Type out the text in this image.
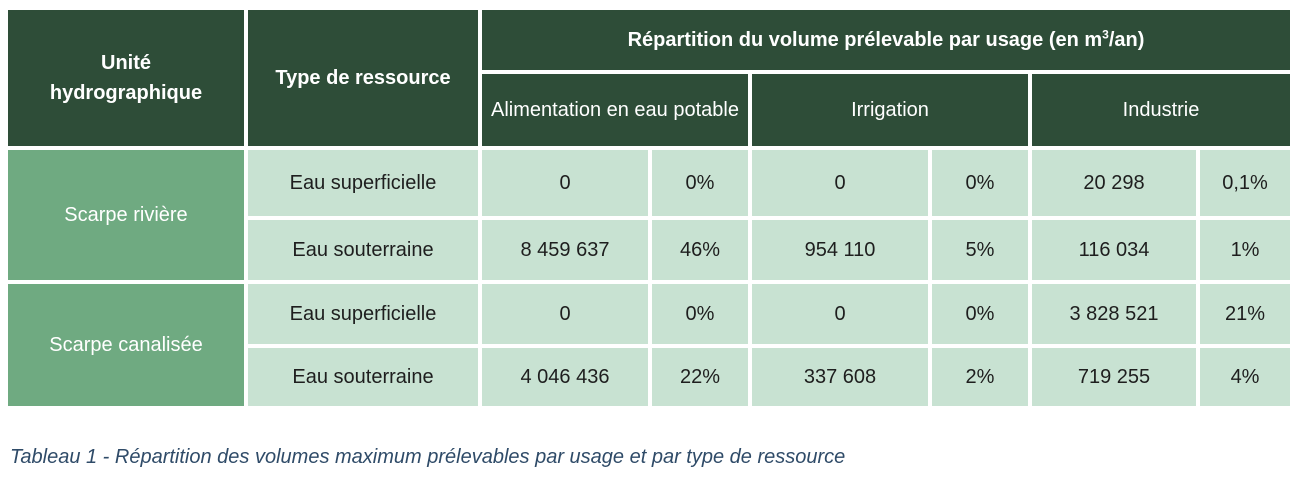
Unité
hydrographique	Type de ressource	Répartition du volume prélevable par usage (en $m^3/an$)					
		Alimentation en eau potable		Irrigation		Industrie	
Scarpe rivière	Eau superficielle	0	0%	0	0%	20 298	0,1%
	Eau souterraine	8 459 637	46%	954 110	5%	116 034	1%
Scarpe canalisée	Eau superficielle	0	0%	0	0%	3 828 521	21%
	Eau souterraine	4 046 436	22%	337 608	2%	719 255	4%
Tableau 1 - Répartition des volumes maximum prélevables par usage et par type de ressource
